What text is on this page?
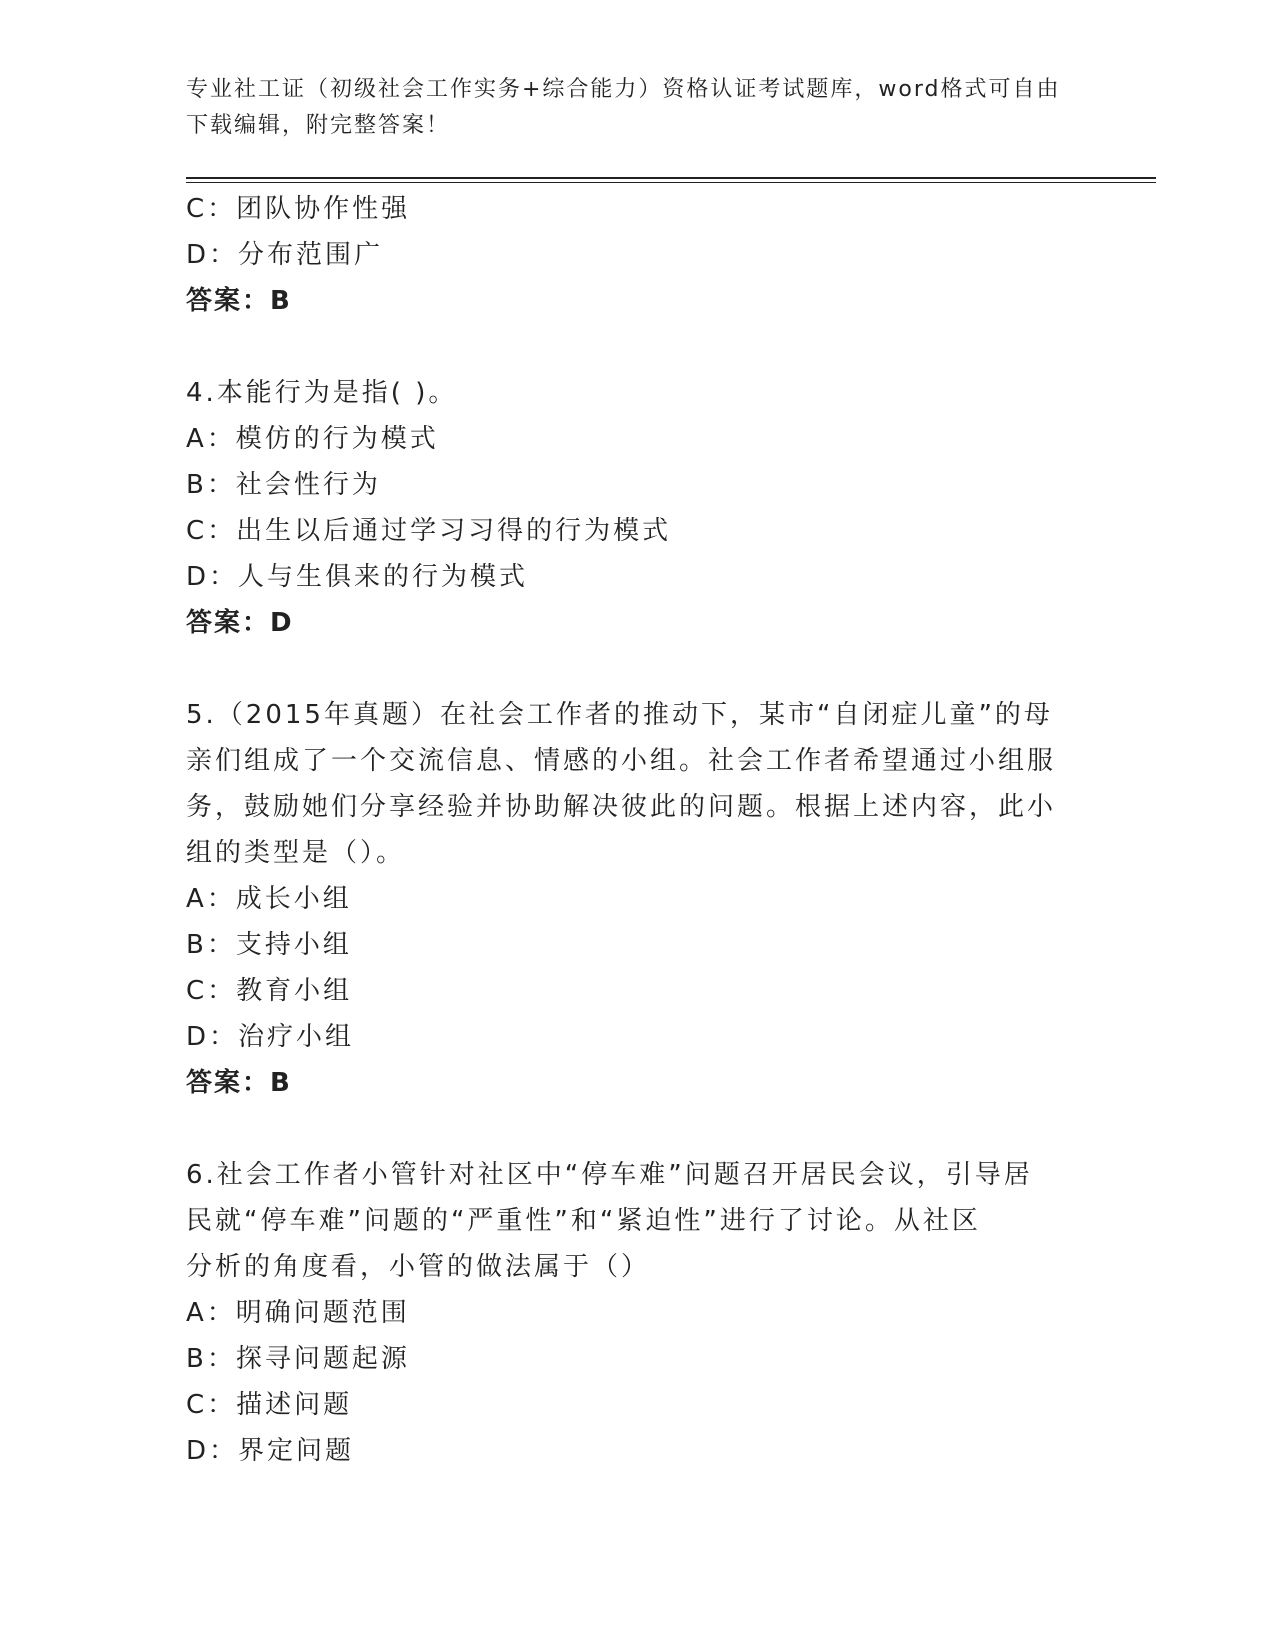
专业社工证（初级社会工作实务+综合能力）资格认证考试题库，word格式可自由
下载编辑，附完整答案！
C：团队协作性强
D：分布范围广
答案：B
4.本能行为是指( )。
A：模仿的行为模式
B：社会性行为
C：出生以后通过学习习得的行为模式
D：人与生俱来的行为模式
答案：D
5.（2015年真题）在社会工作者的推动下，某市“自闭症儿童”的母
亲们组成了一个交流信息、情感的小组。社会工作者希望通过小组服
务，鼓励她们分享经验并协助解决彼此的问题。根据上述内容，此小
组的类型是（）。
A：成长小组
B：支持小组
C：教育小组
D：治疗小组
答案：B
6.社会工作者小管针对社区中“停车难”问题召开居民会议，引导居
民就“停车难”问题的“严重性”和“紧迫性”进行了讨论。从社区
分析的角度看，小管的做法属于（）
A：明确问题范围
B：探寻问题起源
C：描述问题
D：界定问题
